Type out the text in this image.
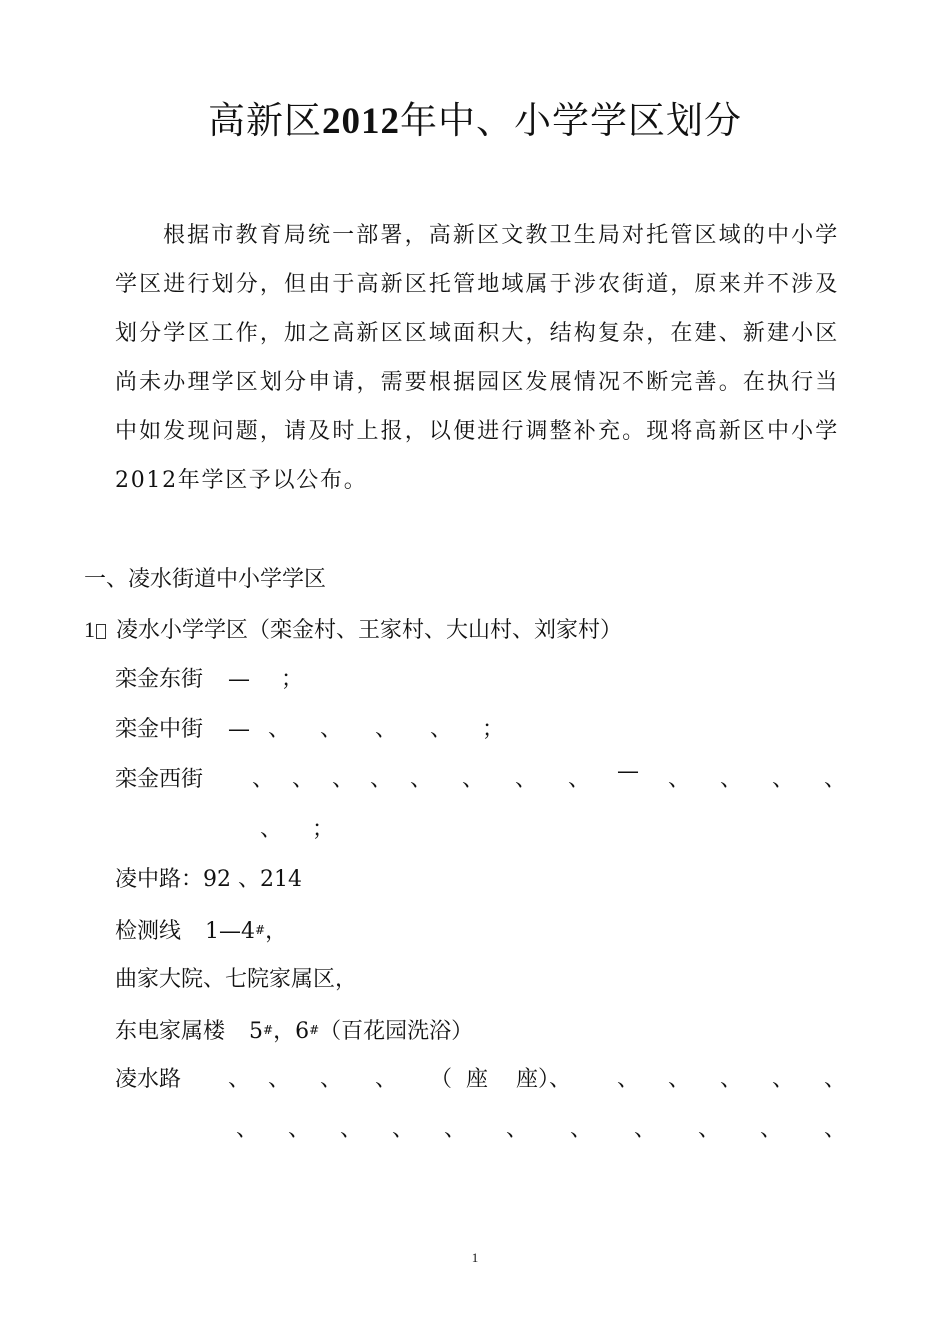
高新区2012年中、小学学区划分

根据市教育局统一部署，高新区文教卫生局对托管区域的中小学学区进行划分，但由于高新区托管地域属于涉农街道，原来并不涉及划分学区工作，加之高新区区域面积大，结构复杂，在建、新建小区尚未办理学区划分申请，需要根据园区发展情况不断完善。在执行当中如发现问题，请及时上报，以便进行调整补充。现将高新区中小学2012年学区予以公布。

一、凌水街道中小学学区

1 凌水小学学区（栾金村、王家村、大山村、刘家村）
栾金东街 — ；
栾金中街 — 、 、 、 、 ；
栾金西街 、 、 、 、 、 、 、 、 — 、 、 、 、
、 ；

凌中路：92 、214

检测线 1—4#，

曲家大院、七院家属区，

东电家属楼 5#，6#（百花园洗浴）
凌水路 、 、 、 、 （ 座 座）、 、 、 、 、 、
、 、 、 、 、 、 、 、 、 、 、
1
